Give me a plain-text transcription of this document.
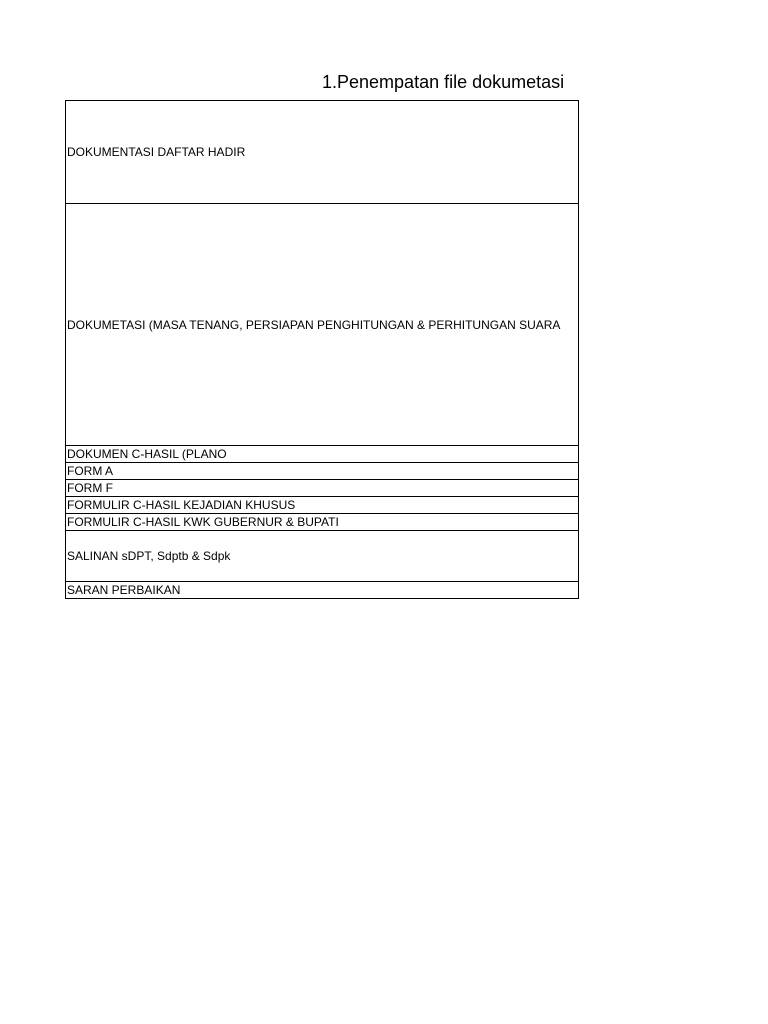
1.Penempatan file dokumetasi
DOKUMENTASI DAFTAR HADIR
DOKUMETASI (MASA TENANG, PERSIAPAN PENGHITUNGAN & PERHITUNGAN SUARA
DOKUMEN C-HASIL (PLANO
FORM A
FORM F
FORMULIR C-HASIL KEJADIAN KHUSUS
FORMULIR C-HASIL KWK GUBERNUR & BUPATI
SALINAN sDPT, Sdptb & Sdpk
SARAN PERBAIKAN
